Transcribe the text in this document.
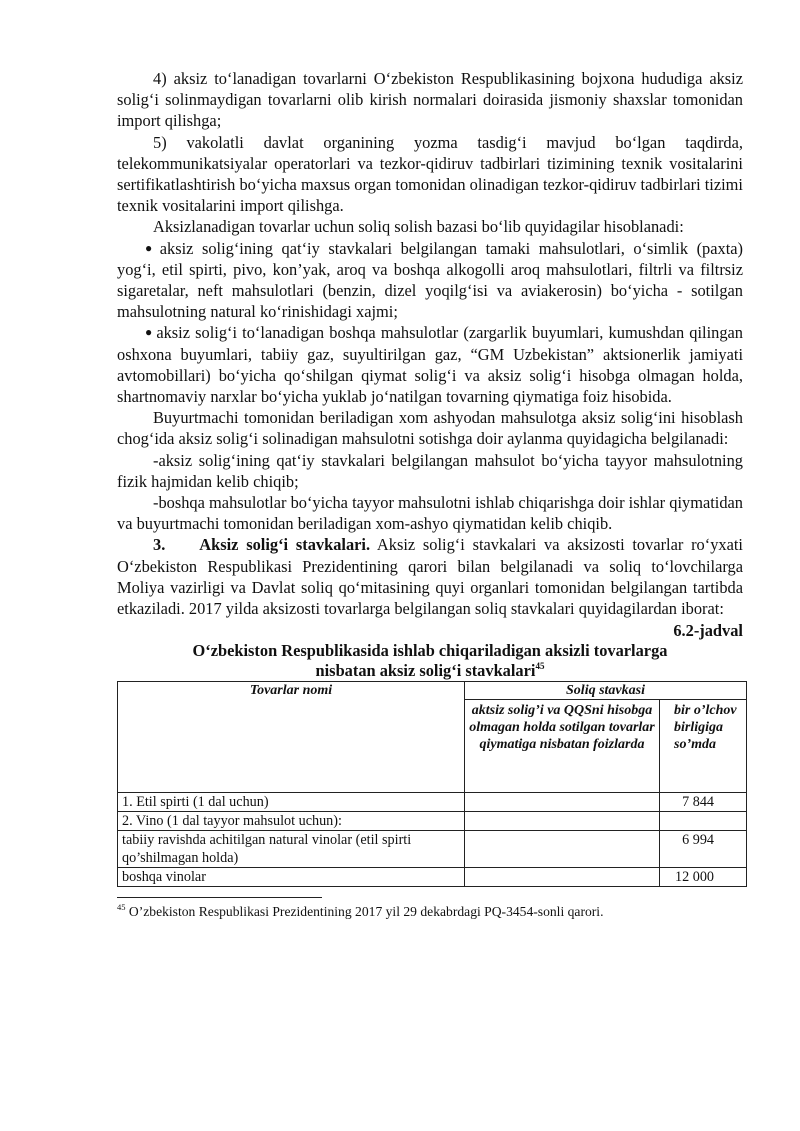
4) aksiz to‘lanadigan tovarlarni O‘zbekiston Respublikasining bojxona hududiga aksiz solig‘i solinmaydigan tovarlarni olib kirish normalari doirasida jismoniy shaxslar tomonidan import qilishga;

5) vakolatli davlat organining yozma tasdig‘i mavjud bo‘lgan taqdirda, telekommunikatsiyalar operatorlari va tezkor-qidiruv tadbirlari tizimining texnik vositalarini sertifikatlashtirish bo‘yicha maxsus organ tomonidan olinadigan tezkor-qidiruv tadbirlari tizimi texnik vositalarini import qilishga.

Aksizlanadigan tovarlar uchun soliq solish bazasi bo‘lib quyidagilar hisoblanadi:

● aksiz solig‘ining qat‘iy stavkalari belgilangan tamaki mahsulotlari, o‘simlik (paxta) yog‘i, etil spirti, pivo, kon’yak, aroq va boshqa alkogolli aroq mahsulotlari, filtrli va filtrsiz sigaretalar, neft mahsulotlari (benzin, dizel yoqilg‘isi va aviakerosin) bo‘yicha - sotilgan mahsulotning natural ko‘rinishidagi xajmi;

● aksiz solig‘i to‘lanadigan boshqa mahsulotlar (zargarlik buyumlari, kumushdan qilingan oshxona buyumlari, tabiiy gaz, suyultirilgan gaz, “GM Uzbekistan” aktsionerlik jamiyati avtomobillari) bo‘yicha qo‘shilgan qiymat solig‘i va aksiz solig‘i hisobga olmagan holda, shartnomaviy narxlar bo‘yicha yuklab jo‘natilgan tovarning qiymatiga foiz hisobida.

Buyurtmachi tomonidan beriladigan xom ashyodan mahsulotga aksiz solig‘ini hisoblash chog‘ida aksiz solig‘i solinadigan mahsulotni sotishga doir aylanma quyidagicha belgilanadi:

-aksiz solig‘ining qat‘iy stavkalari belgilangan mahsulot bo‘yicha tayyor mahsulotning fizik hajmidan kelib chiqib;

-boshqa mahsulotlar bo‘yicha tayyor mahsulotni ishlab chiqarishga doir ishlar qiymatidan va buyurtmachi tomonidan beriladigan xom-ashyo qiymatidan kelib chiqib.

3. Aksiz solig‘i stavkalari. Aksiz solig‘i stavkalari va aksizosti tovarlar ro‘yxati O‘zbekiston Respublikasi Prezidentining qarori bilan belgilanadi va soliq to‘lovchilarga Moliya vazirligi va Davlat soliq qo‘mitasining quyi organlari tomonidan belgilangan tartibda etkaziladi. 2017 yilda aksizosti tovarlarga belgilangan soliq stavkalari quyidagilardan iborat:

6.2-jadval
O‘zbekiston Respublikasida ishlab chiqariladigan aksizli tovarlarga
nisbatan aksiz solig‘i stavkalari$^{45}$
Tovarlar nomi	Soliq stavkasi	
	aktsiz solig’i va QQSni hisobga olmagan holda sotilgan tovarlar qiymatiga nisbatan foizlarda	bir o’lchov birligiga so’mda
1. Etil spirti (1 dal uchun)		7 844
2. Vino (1 dal tayyor mahsulot uchun):		
tabiiy ravishda achitilgan natural vinolar (etil spirti qo’shilmagan holda)		6 994
boshqa vinolar		12 000
$^{45}$ O’zbekiston Respublikasi Prezidentining 2017 yil 29 dekabrdagi PQ-3454-sonli qarori.
